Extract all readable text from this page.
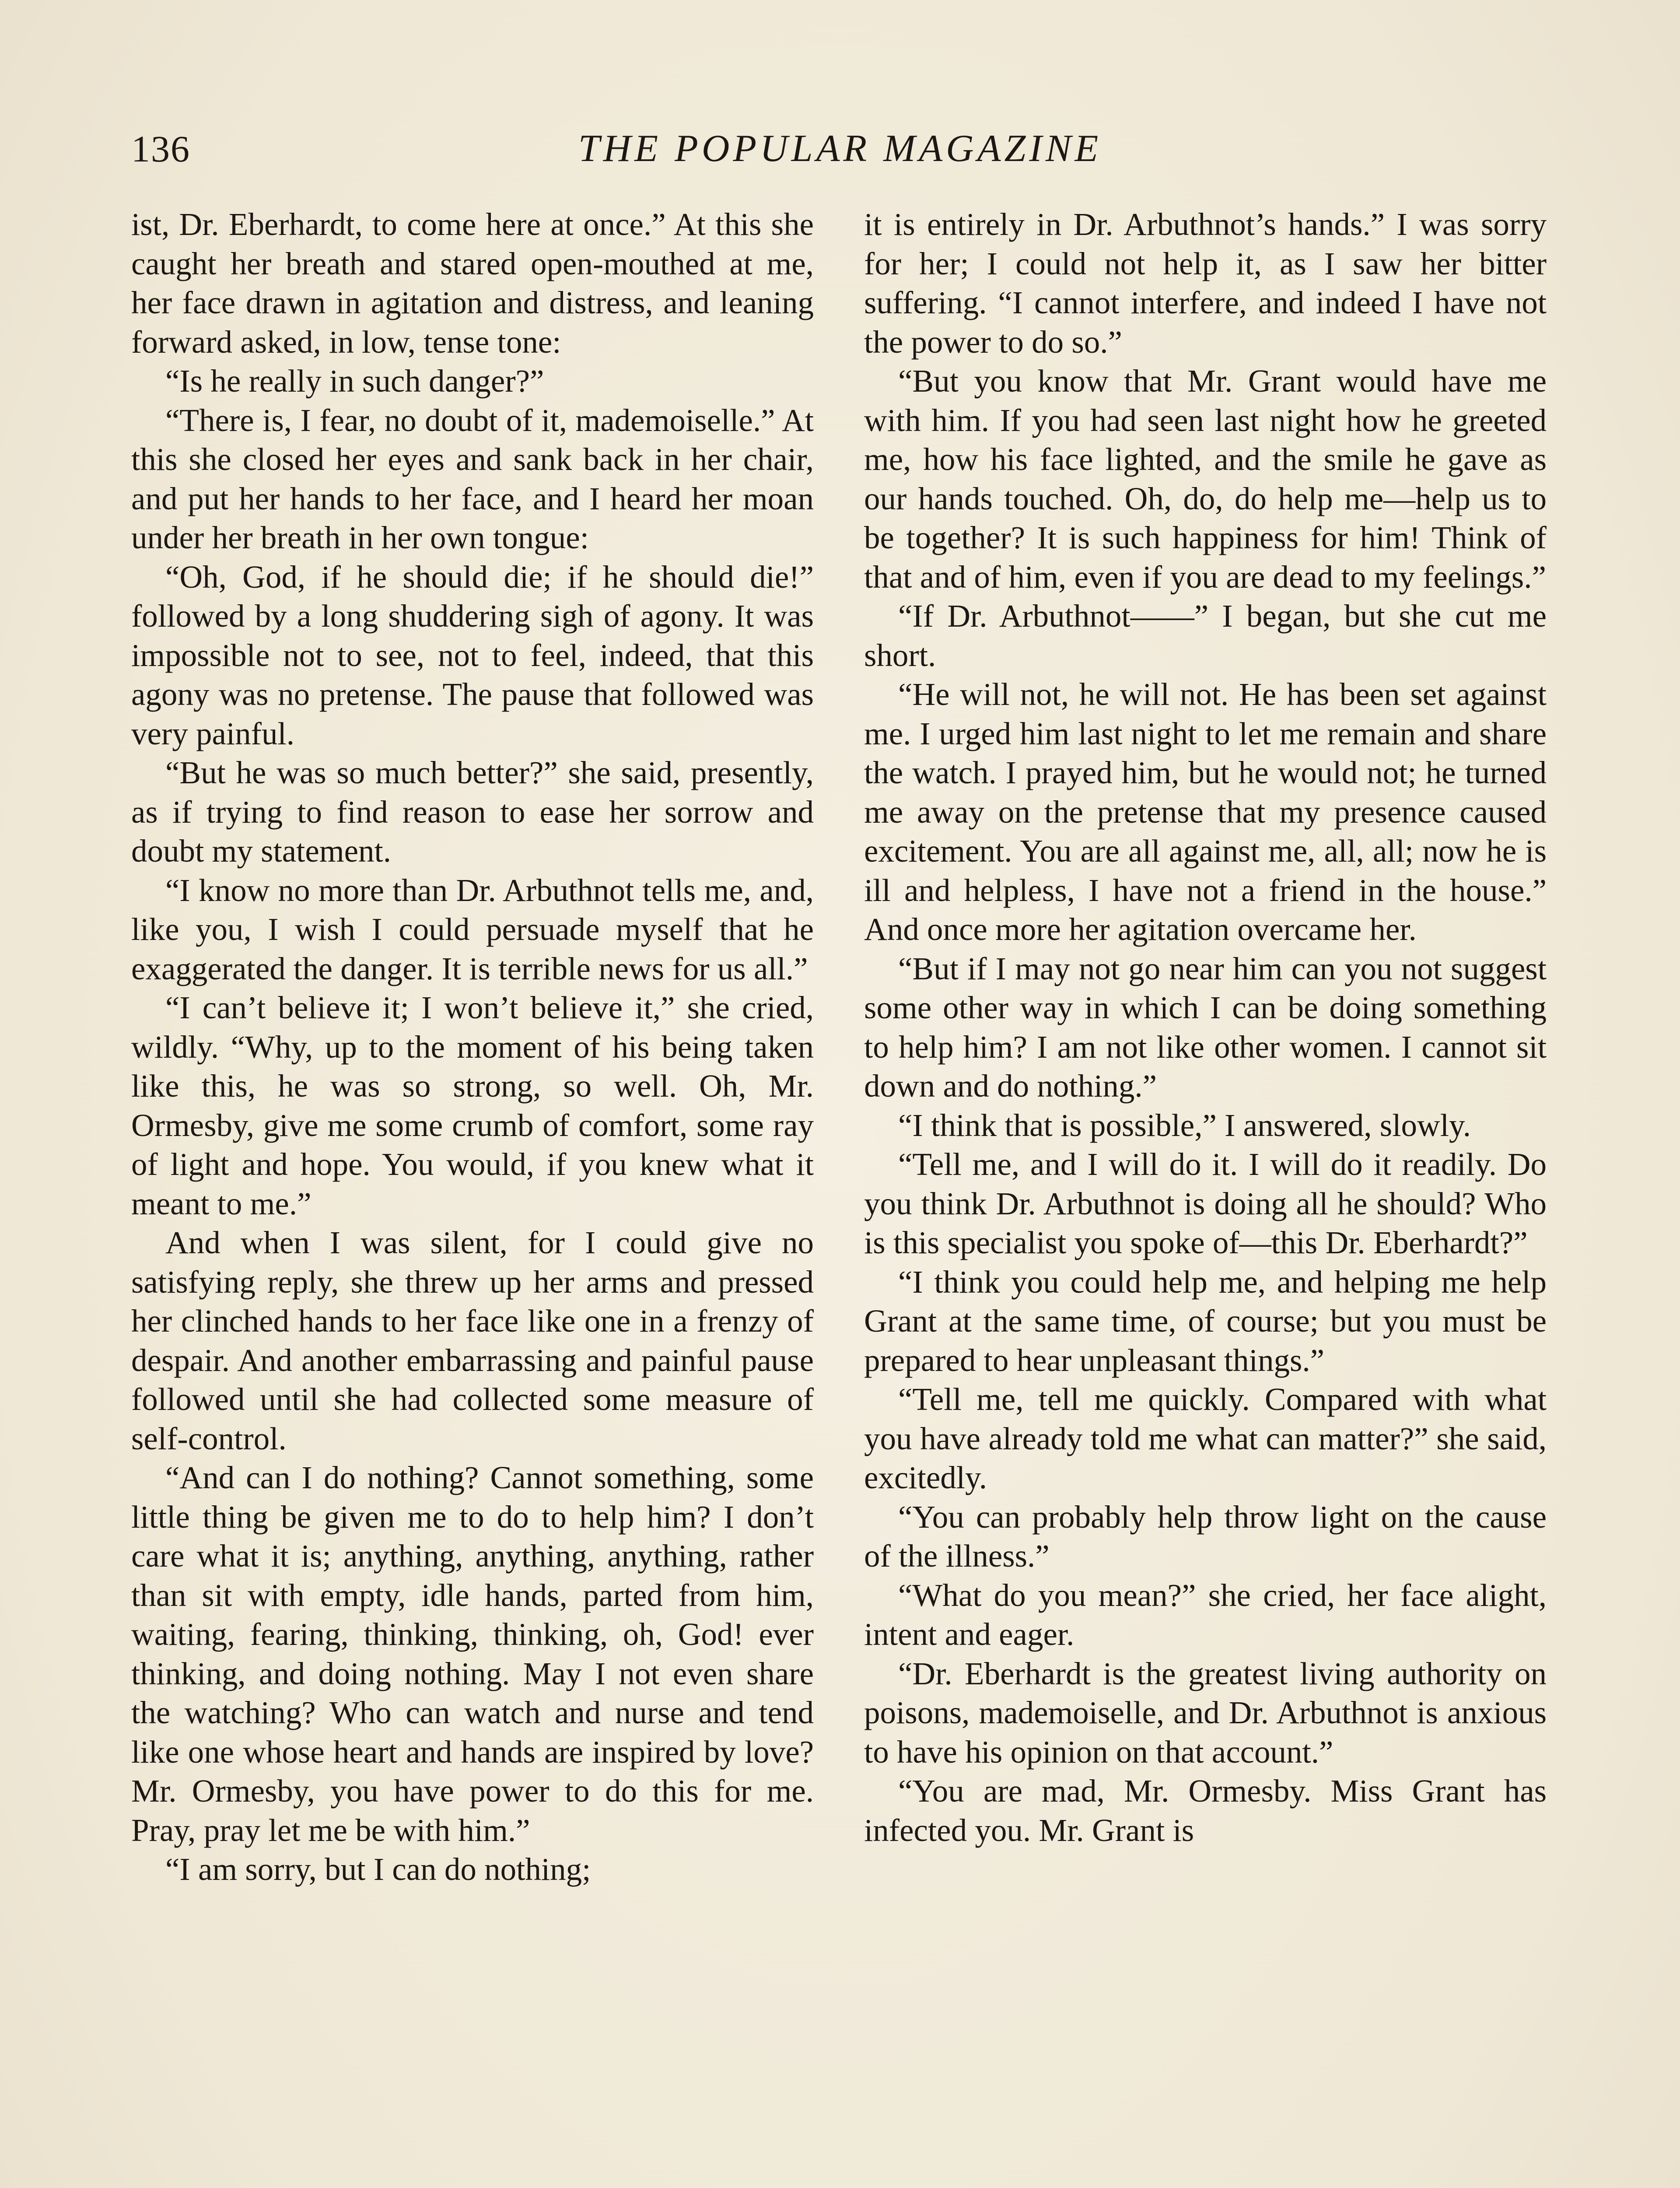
136	THE POPULAR MAGAZINE

ist, Dr. Eberhardt, to come here at once.” At this she caught her breath and stared open-mouthed at me, her face drawn in agitation and distress, and leaning forward asked, in low, tense tone:

“Is he really in such danger?”

“There is, I fear, no doubt of it, mademoiselle.” At this she closed her eyes and sank back in her chair, and put her hands to her face, and I heard her moan under her breath in her own tongue:

“Oh, God, if he should die; if he should die!” followed by a long shuddering sigh of agony. It was impossible not to see, not to feel, indeed, that this agony was no pretense. The pause that followed was very painful.

“But he was so much better?” she said, presently, as if trying to find reason to ease her sorrow and doubt my statement.

“I know no more than Dr. Arbuthnot tells me, and, like you, I wish I could persuade myself that he exaggerated the danger. It is terrible news for us all.”

“I can’t believe it; I won’t believe it,” she cried, wildly. “Why, up to the moment of his being taken like this, he was so strong, so well. Oh, Mr. Ormesby, give me some crumb of comfort, some ray of light and hope. You would, if you knew what it meant to me.”

And when I was silent, for I could give no satisfying reply, she threw up her arms and pressed her clinched hands to her face like one in a frenzy of despair. And another embarrassing and painful pause followed until she had collected some measure of self-control.

“And can I do nothing? Cannot something, some little thing be given me to do to help him? I don’t care what it is; anything, anything, anything, rather than sit with empty, idle hands, parted from him, waiting, fearing, thinking, thinking, oh, God! ever thinking, and doing nothing. May I not even share the watching? Who can watch and nurse and tend like one whose heart and hands are inspired by love? Mr. Ormesby, you have power to do this for me. Pray, pray let me be with him.”

“I am sorry, but I can do nothing;

it is entirely in Dr. Arbuthnot’s hands.” I was sorry for her; I could not help it, as I saw her bitter suffering. “I cannot interfere, and indeed I have not the power to do so.”

“But you know that Mr. Grant would have me with him. If you had seen last night how he greeted me, how his face lighted, and the smile he gave as our hands touched. Oh, do, do help me—help us to be together? It is such happiness for him! Think of that and of him, even if you are dead to my feelings.”

“If Dr. Arbuthnot——” I began, but she cut me short.

“He will not, he will not. He has been set against me. I urged him last night to let me remain and share the watch. I prayed him, but he would not; he turned me away on the pretense that my presence caused excitement. You are all against me, all, all; now he is ill and helpless, I have not a friend in the house.” And once more her agitation overcame her.

“But if I may not go near him can you not suggest some other way in which I can be doing something to help him? I am not like other women. I cannot sit down and do nothing.”

“I think that is possible,” I answered, slowly.

“Tell me, and I will do it. I will do it readily. Do you think Dr. Arbuthnot is doing all he should? Who is this specialist you spoke of—this Dr. Eberhardt?”

“I think you could help me, and helping me help Grant at the same time, of course; but you must be prepared to hear unpleasant things.”

“Tell me, tell me quickly. Compared with what you have already told me what can matter?” she said, excitedly.

“You can probably help throw light on the cause of the illness.”

“What do you mean?” she cried, her face alight, intent and eager.

“Dr. Eberhardt is the greatest living authority on poisons, mademoiselle, and Dr. Arbuthnot is anxious to have his opinion on that account.”

“You are mad, Mr. Ormesby. Miss Grant has infected you. Mr. Grant is
